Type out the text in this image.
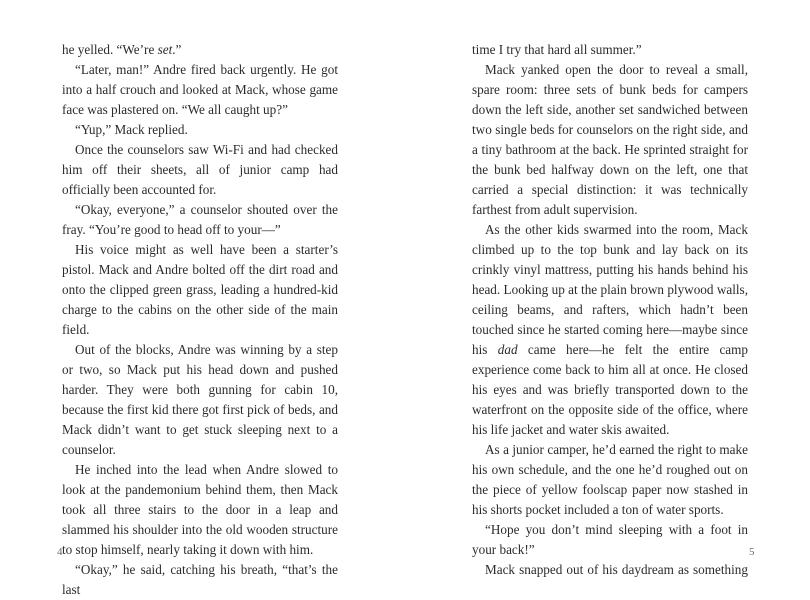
he yelled. “We’re set.”

“Later, man!” Andre fired back urgently. He got into a half crouch and looked at Mack, whose game face was plastered on. “We all caught up?”

“Yup,” Mack replied.

Once the counselors saw Wi-Fi and had checked him off their sheets, all of junior camp had officially been accounted for.

“Okay, everyone,” a counselor shouted over the fray. “You’re good to head off to your—”

His voice might as well have been a starter’s pistol. Mack and Andre bolted off the dirt road and onto the clipped green grass, leading a hundred-kid charge to the cabins on the other side of the main field.

Out of the blocks, Andre was winning by a step or two, so Mack put his head down and pushed harder. They were both gunning for cabin 10, because the first kid there got first pick of beds, and Mack didn’t want to get stuck sleeping next to a counselor.

He inched into the lead when Andre slowed to look at the pandemonium behind them, then Mack took all three stairs to the door in a leap and slammed his shoulder into the old wooden structure to stop himself, nearly taking it down with him.

“Okay,” he said, catching his breath, “that’s the last

4

time I try that hard all summer.”

Mack yanked open the door to reveal a small, spare room: three sets of bunk beds for campers down the left side, another set sandwiched between two single beds for counselors on the right side, and a tiny bathroom at the back. He sprinted straight for the bunk bed halfway down on the left, one that carried a special distinction: it was technically farthest from adult supervision.

As the other kids swarmed into the room, Mack climbed up to the top bunk and lay back on its crinkly vinyl mattress, putting his hands behind his head. Looking up at the plain brown plywood walls, ceiling beams, and rafters, which hadn’t been touched since he started coming here—maybe since his dad came here—he felt the entire camp experience come back to him all at once. He closed his eyes and was briefly transported down to the waterfront on the opposite side of the office, where his life jacket and water skis awaited.

As a junior camper, he’d earned the right to make his own schedule, and the one he’d roughed out on the piece of yellow foolscap paper now stashed in his shorts pocket included a ton of water sports.

“Hope you don’t mind sleeping with a foot in your back!”

Mack snapped out of his daydream as something

5
